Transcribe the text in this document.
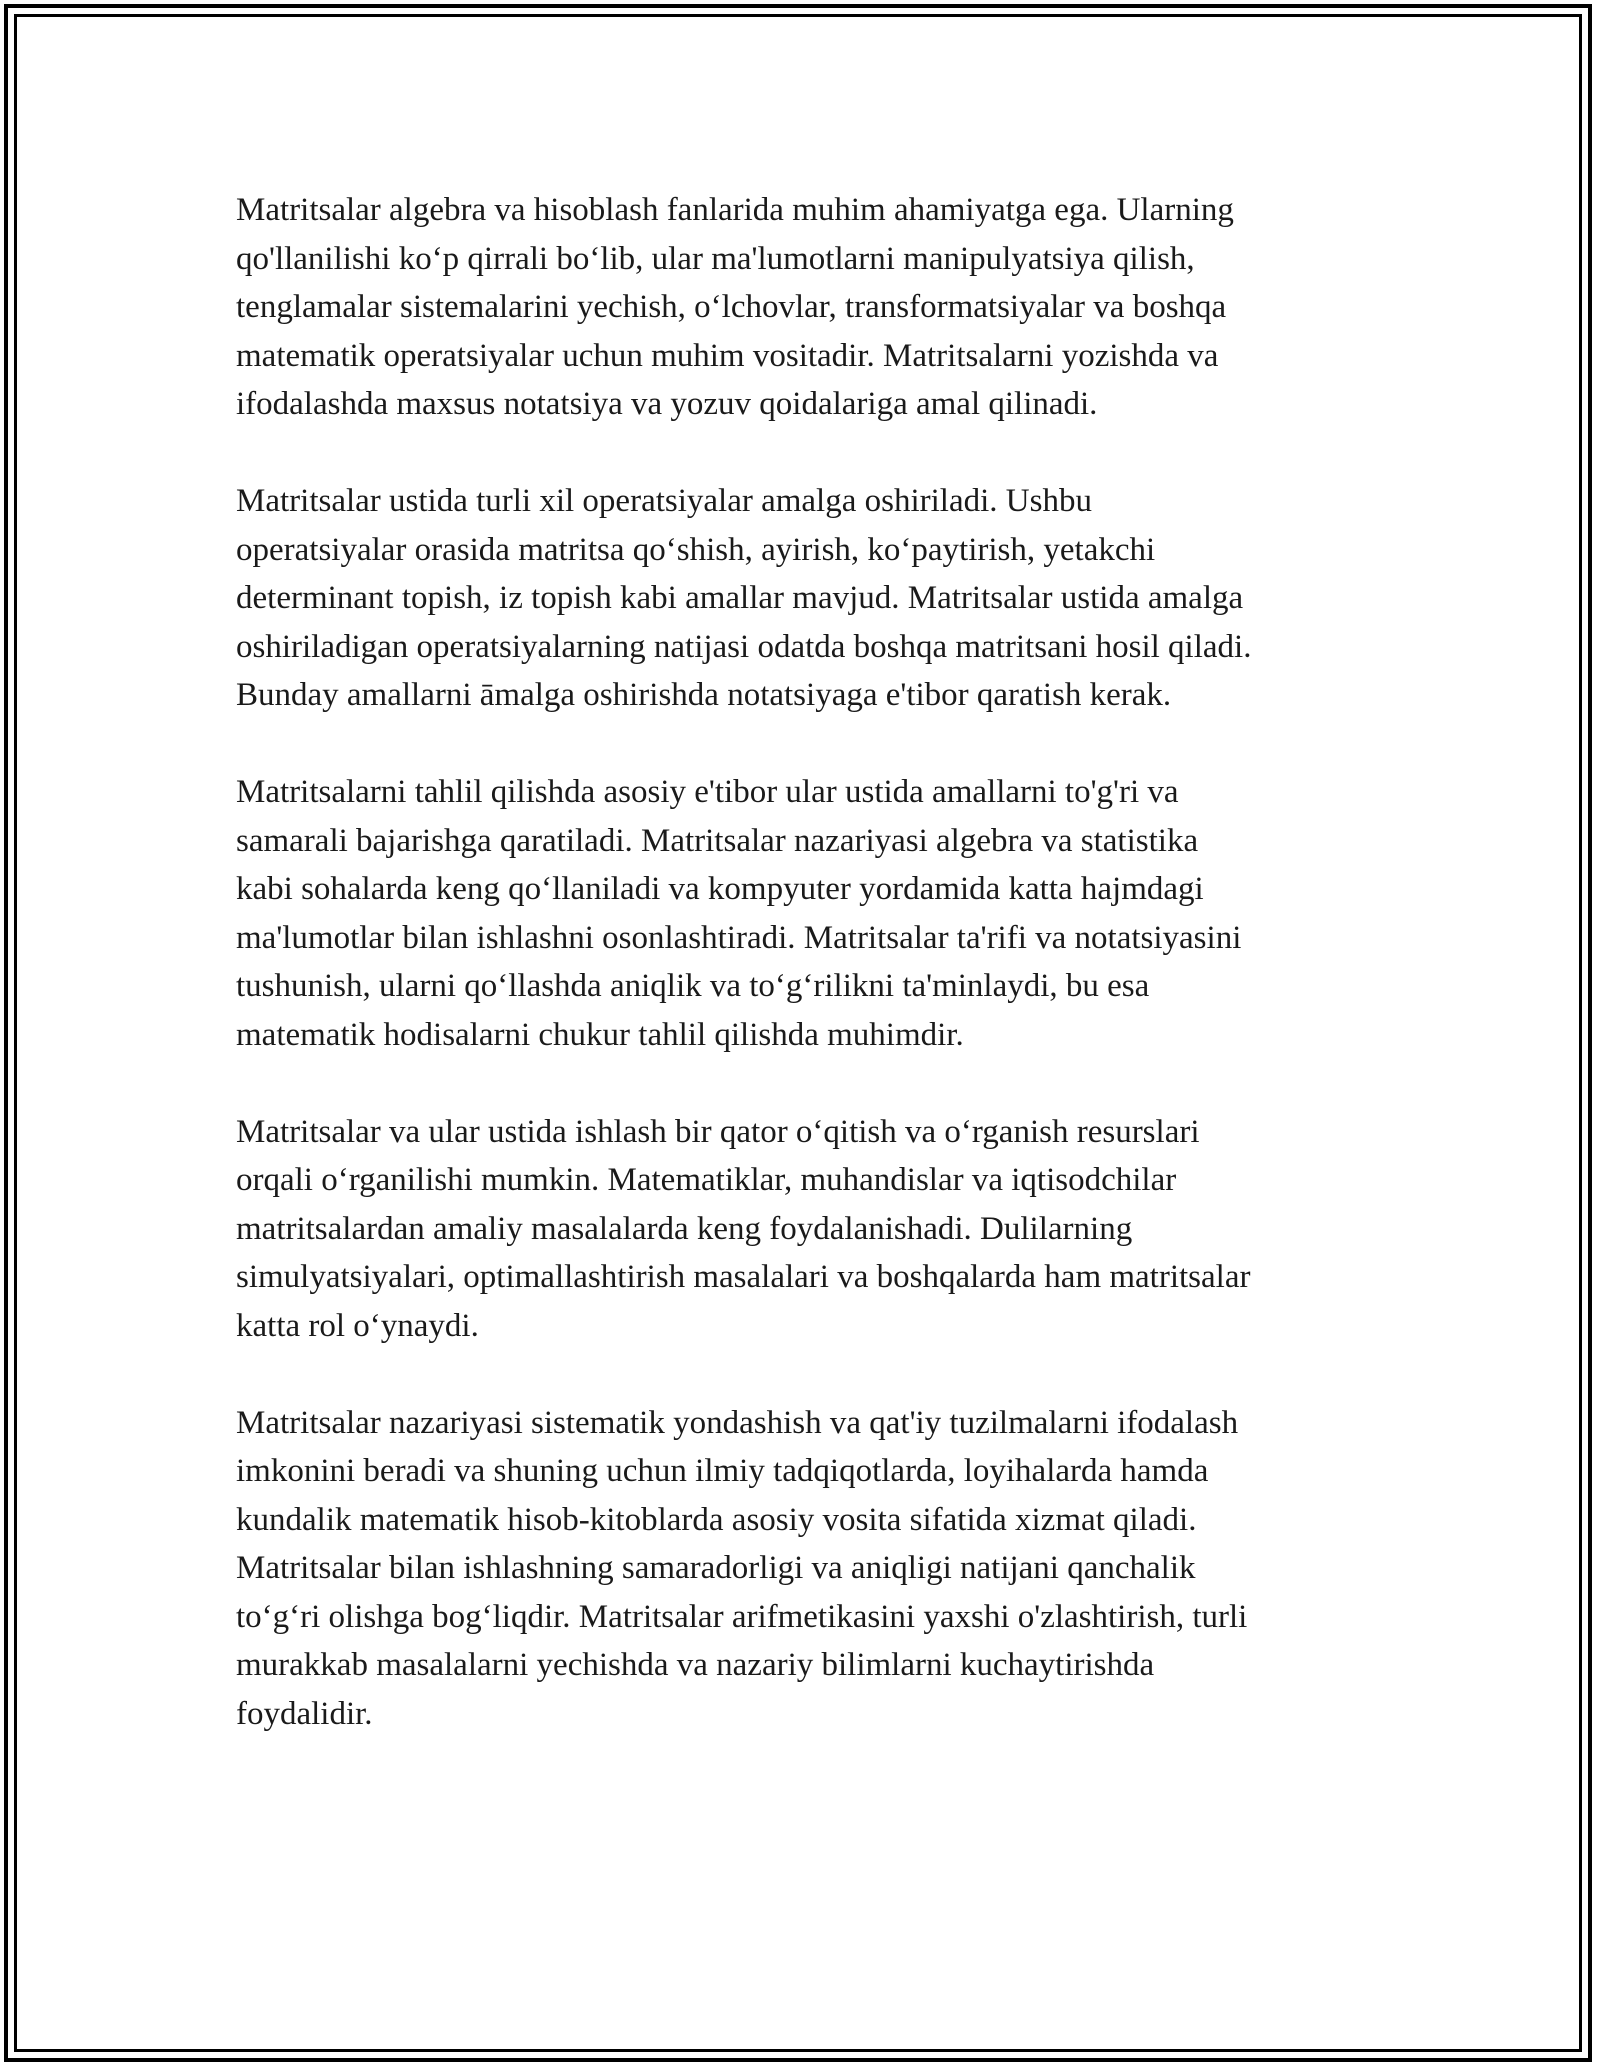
Matritsalar algebra va hisoblash fanlarida muhim ahamiyatga ega. Ularning
qo'llanilishi ko‘p qirrali bo‘lib, ular ma'lumotlarni manipulyatsiya qilish,
tenglamalar sistemalarini yechish, o‘lchovlar, transformatsiyalar va boshqa
matematik operatsiyalar uchun muhim vositadir. Matritsalarni yozishda va
ifodalashda maxsus notatsiya va yozuv qoidalariga amal qilinadi.

Matritsalar ustida turli xil operatsiyalar amalga oshiriladi. Ushbu
operatsiyalar orasida matritsa qo‘shish, ayirish, ko‘paytirish, yetakchi
determinant topish, iz topish kabi amallar mavjud. Matritsalar ustida amalga
oshiriladigan operatsiyalarning natijasi odatda boshqa matritsani hosil qiladi.
Bunday amallarni āmalga oshirishda notatsiyaga e'tibor qaratish kerak.

Matritsalarni tahlil qilishda asosiy e'tibor ular ustida amallarni to'g'ri va
samarali bajarishga qaratiladi. Matritsalar nazariyasi algebra va statistika
kabi sohalarda keng qo‘llaniladi va kompyuter yordamida katta hajmdagi
ma'lumotlar bilan ishlashni osonlashtiradi. Matritsalar ta'rifi va notatsiyasini
tushunish, ularni qo‘llashda aniqlik va to‘g‘rilikni ta'minlaydi, bu esa
matematik hodisalarni chukur tahlil qilishda muhimdir.

Matritsalar va ular ustida ishlash bir qator o‘qitish va o‘rganish resurslari
orqali o‘rganilishi mumkin. Matematiklar, muhandislar va iqtisodchilar
matritsalardan amaliy masalalarda keng foydalanishadi. Dulilarning
simulyatsiyalari, optimallashtirish masalalari va boshqalarda ham matritsalar
katta rol o‘ynaydi.

Matritsalar nazariyasi sistematik yondashish va qat'iy tuzilmalarni ifodalash
imkonini beradi va shuning uchun ilmiy tadqiqotlarda, loyihalarda hamda
kundalik matematik hisob-kitoblarda asosiy vosita sifatida xizmat qiladi.
Matritsalar bilan ishlashning samaradorligi va aniqligi natijani qanchalik
to‘g‘ri olishga bog‘liqdir. Matritsalar arifmetikasini yaxshi o'zlashtirish, turli
murakkab masalalarni yechishda va nazariy bilimlarni kuchaytirishda
foydalidir.
